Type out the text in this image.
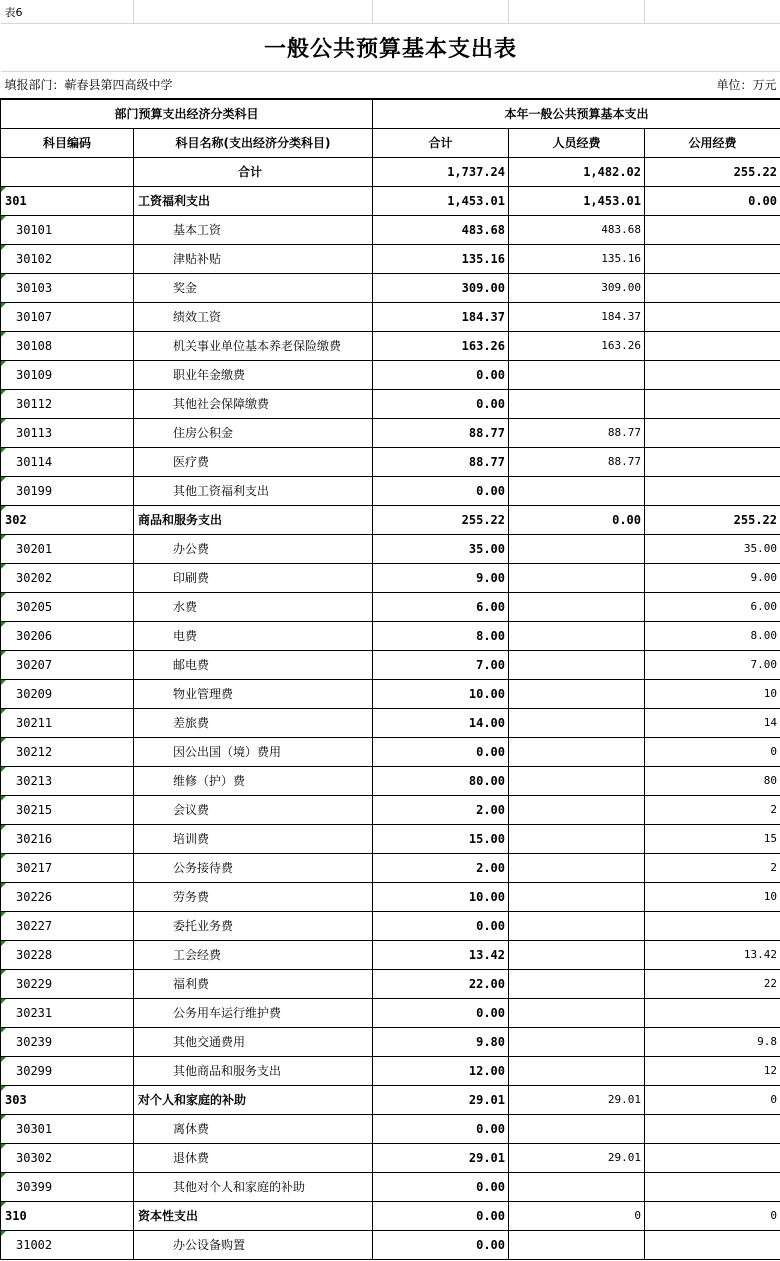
表6				
一般公共预算基本支出表				
填报部门：蕲春县第四高级中学				单位：万元
部门预算支出经济分类科目		本年一般公共预算基本支出		
科目编码	科目名称(支出经济分类科目)	合计	人员经费	公用经费
	合计	1,737.24	1,482.02	255.22
301	工资福利支出	1,453.01	1,453.01	0.00
30101	基本工资	483.68	483.68	
30102	津贴补贴	135.16	135.16	
30103	奖金	309.00	309.00	
30107	绩效工资	184.37	184.37	
30108	机关事业单位基本养老保险缴费	163.26	163.26	
30109	职业年金缴费	0.00		
30112	其他社会保障缴费	0.00		
30113	住房公积金	88.77	88.77	
30114	医疗费	88.77	88.77	
30199	其他工资福利支出	0.00		
302	商品和服务支出	255.22	0.00	255.22
30201	办公费	35.00		35.00
30202	印刷费	9.00		9.00
30205	水费	6.00		6.00
30206	电费	8.00		8.00
30207	邮电费	7.00		7.00
30209	物业管理费	10.00		10
30211	差旅费	14.00		14
30212	因公出国（境）费用	0.00		0
30213	维修（护）费	80.00		80
30215	会议费	2.00		2
30216	培训费	15.00		15
30217	公务接待费	2.00		2
30226	劳务费	10.00		10
30227	委托业务费	0.00		
30228	工会经费	13.42		13.42
30229	福利费	22.00		22
30231	公务用车运行维护费	0.00		
30239	其他交通费用	9.80		9.8
30299	其他商品和服务支出	12.00		12
303	对个人和家庭的补助	29.01	29.01	0
30301	离休费	0.00		
30302	退休费	29.01	29.01	
30399	其他对个人和家庭的补助	0.00		
310	资本性支出	0.00	0	0
31002	办公设备购置	0.00		
